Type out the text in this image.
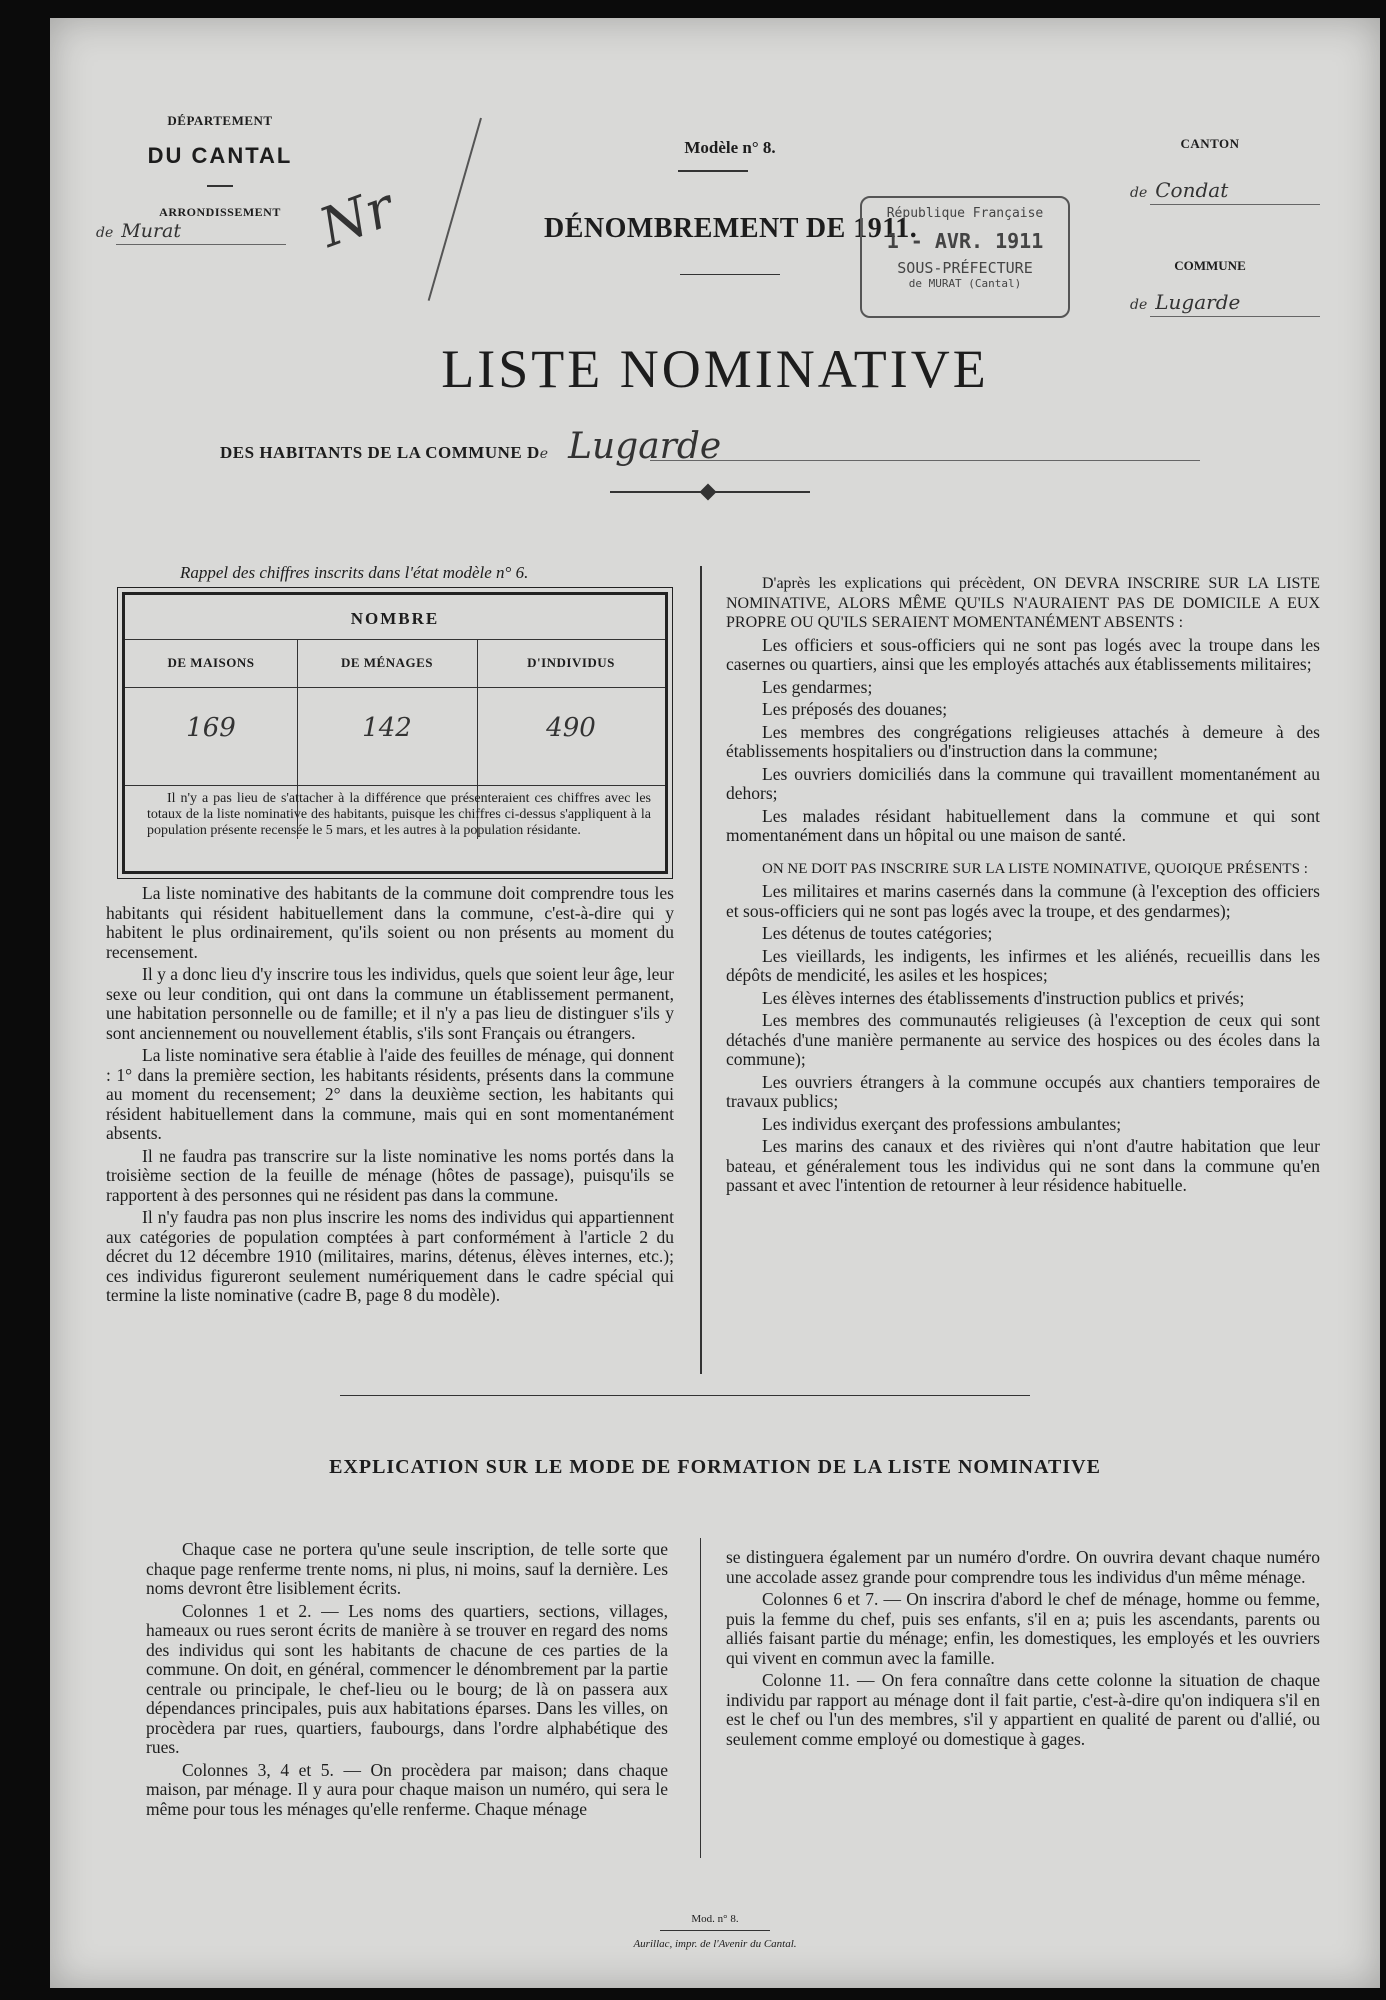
DÉPARTEMENT
DU CANTAL
ARRONDISSEMENT
de Murat	Nr
Modèle n° 8.
DÉNOMBREMENT DE 1911.
République Française
1 - AVR. 1911
SOUS-PRÉFECTURE
de MURAT (Cantal)
CANTON
de Condat
COMMUNE
de Lugarde
LISTE NOMINATIVE
DES HABITANTS DE LA COMMUNE De Lugarde
Rappel des chiffres inscrits dans l'état modèle n° 6.
NOMBRE
DE MAISONS	DE MÉNAGES	D'INDIVIDUS
169	142	490
Il n'y a pas lieu de s'attacher à la différence que présenteraient ces chiffres avec les totaux de la liste nominative des habitants, puisque les chiffres ci-dessus s'appliquent à la population présente recensée le 5 mars, et les autres à la population résidante.

La liste nominative des habitants de la commune doit comprendre tous les habitants qui résident habituellement dans la commune, c'est-à-dire qui y habitent le plus ordinairement, qu'ils soient ou non présents au moment du recensement.

Il y a donc lieu d'y inscrire tous les individus, quels que soient leur âge, leur sexe ou leur condition, qui ont dans la commune un établissement permanent, une habitation personnelle ou de famille; et il n'y a pas lieu de distinguer s'ils y sont anciennement ou nouvellement établis, s'ils sont Français ou étrangers.

La liste nominative sera établie à l'aide des feuilles de ménage, qui donnent : 1° dans la première section, les habitants résidents, présents dans la commune au moment du recensement; 2° dans la deuxième section, les habitants qui résident habituellement dans la commune, mais qui en sont momentanément absents.

Il ne faudra pas transcrire sur la liste nominative les noms portés dans la troisième section de la feuille de ménage (hôtes de passage), puisqu'ils se rapportent à des personnes qui ne résident pas dans la commune.

Il n'y faudra pas non plus inscrire les noms des individus qui appartiennent aux catégories de population comptées à part conformément à l'article 2 du décret du 12 décembre 1910 (militaires, marins, détenus, élèves internes, etc.); ces individus figureront seulement numériquement dans le cadre spécial qui termine la liste nominative (cadre B, page 8 du modèle).

D'après les explications qui précèdent, ON DEVRA INSCRIRE SUR LA LISTE NOMINATIVE, ALORS MÊME QU'ILS N'AURAIENT PAS DE DOMICILE A EUX PROPRE OU QU'ILS SERAIENT MOMENTANÉMENT ABSENTS :

Les officiers et sous-officiers qui ne sont pas logés avec la troupe dans les casernes ou quartiers, ainsi que les employés attachés aux établissements militaires;

Les gendarmes;

Les préposés des douanes;

Les membres des congrégations religieuses attachés à demeure à des établissements hospitaliers ou d'instruction dans la commune;

Les ouvriers domiciliés dans la commune qui travaillent momentanément au dehors;

Les malades résidant habituellement dans la commune et qui sont momentanément dans un hôpital ou une maison de santé.

ON NE DOIT PAS INSCRIRE SUR LA LISTE NOMINATIVE, QUOIQUE PRÉSENTS :

Les militaires et marins casernés dans la commune (à l'exception des officiers et sous-officiers qui ne sont pas logés avec la troupe, et des gendarmes);

Les détenus de toutes catégories;

Les vieillards, les indigents, les infirmes et les aliénés, recueillis dans les dépôts de mendicité, les asiles et les hospices;

Les élèves internes des établissements d'instruction publics et privés;

Les membres des communautés religieuses (à l'exception de ceux qui sont détachés d'une manière permanente au service des hospices ou des écoles dans la commune);

Les ouvriers étrangers à la commune occupés aux chantiers temporaires de travaux publics;

Les individus exerçant des professions ambulantes;

Les marins des canaux et des rivières qui n'ont d'autre habitation que leur bateau, et généralement tous les individus qui ne sont dans la commune qu'en passant et avec l'intention de retourner à leur résidence habituelle.

EXPLICATION SUR LE MODE DE FORMATION DE LA LISTE NOMINATIVE

Chaque case ne portera qu'une seule inscription, de telle sorte que chaque page renferme trente noms, ni plus, ni moins, sauf la dernière. Les noms devront être lisiblement écrits.

Colonnes 1 et 2. — Les noms des quartiers, sections, villages, hameaux ou rues seront écrits de manière à se trouver en regard des noms des individus qui sont les habitants de chacune de ces parties de la commune. On doit, en général, commencer le dénombrement par la partie centrale ou principale, le chef-lieu ou le bourg; de là on passera aux dépendances principales, puis aux habitations éparses. Dans les villes, on procèdera par rues, quartiers, faubourgs, dans l'ordre alphabétique des rues.

Colonnes 3, 4 et 5. — On procèdera par maison; dans chaque maison, par ménage. Il y aura pour chaque maison un numéro, qui sera le même pour tous les ménages qu'elle renferme. Chaque ménage

se distinguera également par un numéro d'ordre. On ouvrira devant chaque numéro une accolade assez grande pour comprendre tous les individus d'un même ménage.

Colonnes 6 et 7. — On inscrira d'abord le chef de ménage, homme ou femme, puis la femme du chef, puis ses enfants, s'il en a; puis les ascendants, parents ou alliés faisant partie du ménage; enfin, les domestiques, les employés et les ouvriers qui vivent en commun avec la famille.

Colonne 11. — On fera connaître dans cette colonne la situation de chaque individu par rapport au ménage dont il fait partie, c'est-à-dire qu'on indiquera s'il en est le chef ou l'un des membres, s'il y appartient en qualité de parent ou d'allié, ou seulement comme employé ou domestique à gages.

Mod. n° 8.
Aurillac, impr. de l'Avenir du Cantal.
